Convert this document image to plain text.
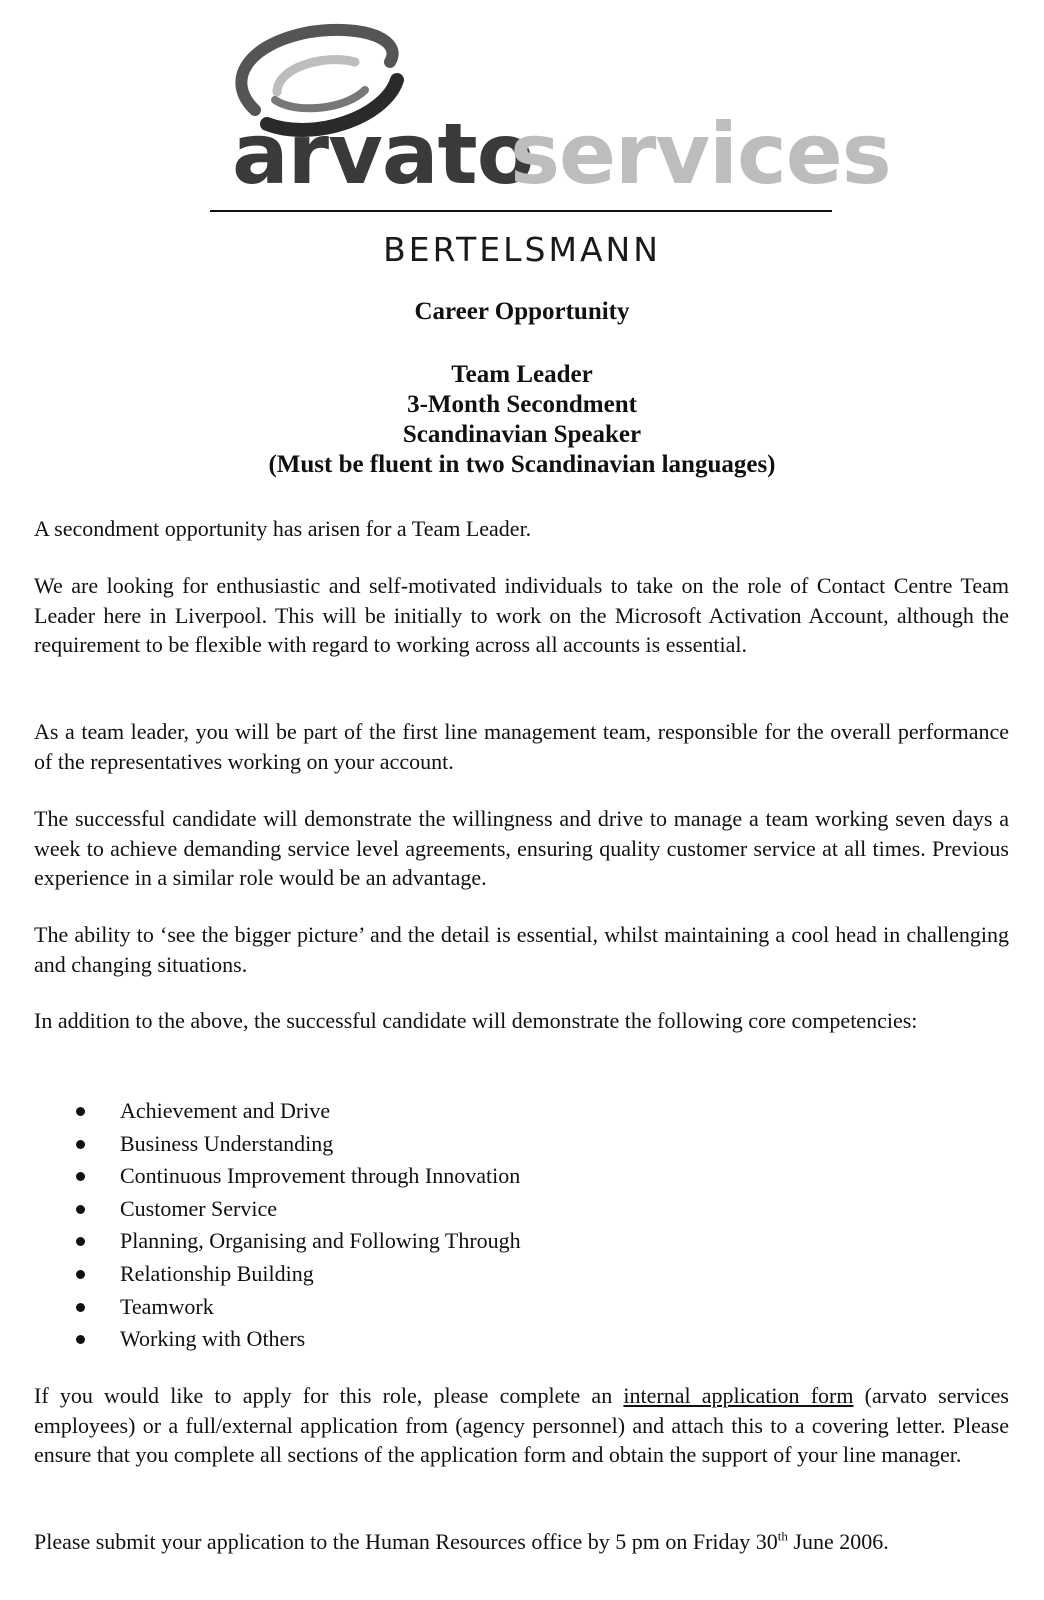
arvato
services
BERTELSMANN
Career Opportunity
Team Leader
3-Month Secondment
Scandinavian Speaker
(Must be fluent in two Scandinavian languages)

A secondment opportunity has arisen for a Team Leader.

We are looking for enthusiastic and self-motivated individuals to take on the role of Contact Centre Team Leader here in Liverpool. This will be initially to work on the Microsoft Activation Account, although the requirement to be flexible with regard to working across all accounts is essential.

As a team leader, you will be part of the first line management team, responsible for the overall performance of the representatives working on your account.

The successful candidate will demonstrate the willingness and drive to manage a team working seven days a week to achieve demanding service level agreements, ensuring quality customer service at all times. Previous experience in a similar role would be an advantage.

The ability to ‘see the bigger picture’ and the detail is essential, whilst maintaining a cool head in challenging and changing situations.

In addition to the above, the successful candidate will demonstrate the following core competencies:

Achievement and Drive
Business Understanding
Continuous Improvement through Innovation
Customer Service
Planning, Organising and Following Through
Relationship Building
Teamwork
Working with Others

If you would like to apply for this role, please complete an internal application form (arvato services employees) or a full/external application from (agency personnel) and attach this to a covering letter. Please ensure that you complete all sections of the application form and obtain the support of your line manager.

Please submit your application to the Human Resources office by 5 pm on Friday 30th June 2006.
